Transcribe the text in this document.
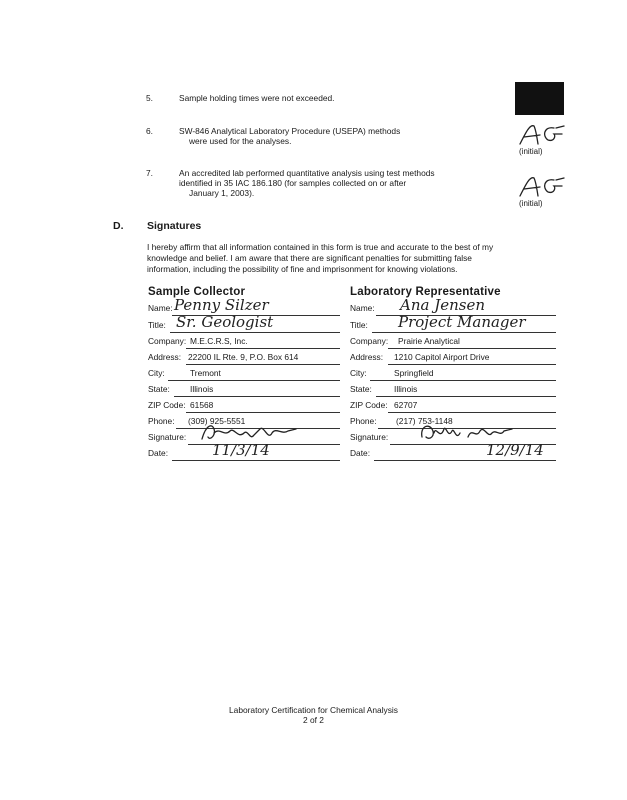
5.	Sample holding times were not exceeded.
6.	SW-846 Analytical Laboratory Procedure (USEPA) methods
were used for the analyses.
(initial)
7.	An accredited lab performed quantitative analysis using test methods
identified in 35 IAC 186.180 (for samples collected on or after
January 1, 2003).
(initial)
D. Signatures
I hereby affirm that all information contained in this form is true and accurate to the best of my
knowledge and belief. I am aware that there are significant penalties for submitting false
information, including the possibility of fine and imprisonment for knowing violations.
Sample Collector	Laboratory Representative
Name: Penny Silzer
Title: Sr. Geologist
Company: M.E.C.R.S, Inc.
Address: 22200 IL Rte. 9, P.O. Box 614
City:	Tremont
State: Illinois
ZIP Code: 61568
Phone: (309) 925-5551
Signature:
Date:	11/3/14
Name: Ana Jensen
Title: Project Manager
Company: Prairie Analytical
Address: 1210 Capitol Airport Drive
City:	Springfield
State:	Illinois
ZIP Code: 62707
Phone: (217) 753-1148
Signature:
Date:	12/9/14
Laboratory Certification for Chemical Analysis
2 of 2
